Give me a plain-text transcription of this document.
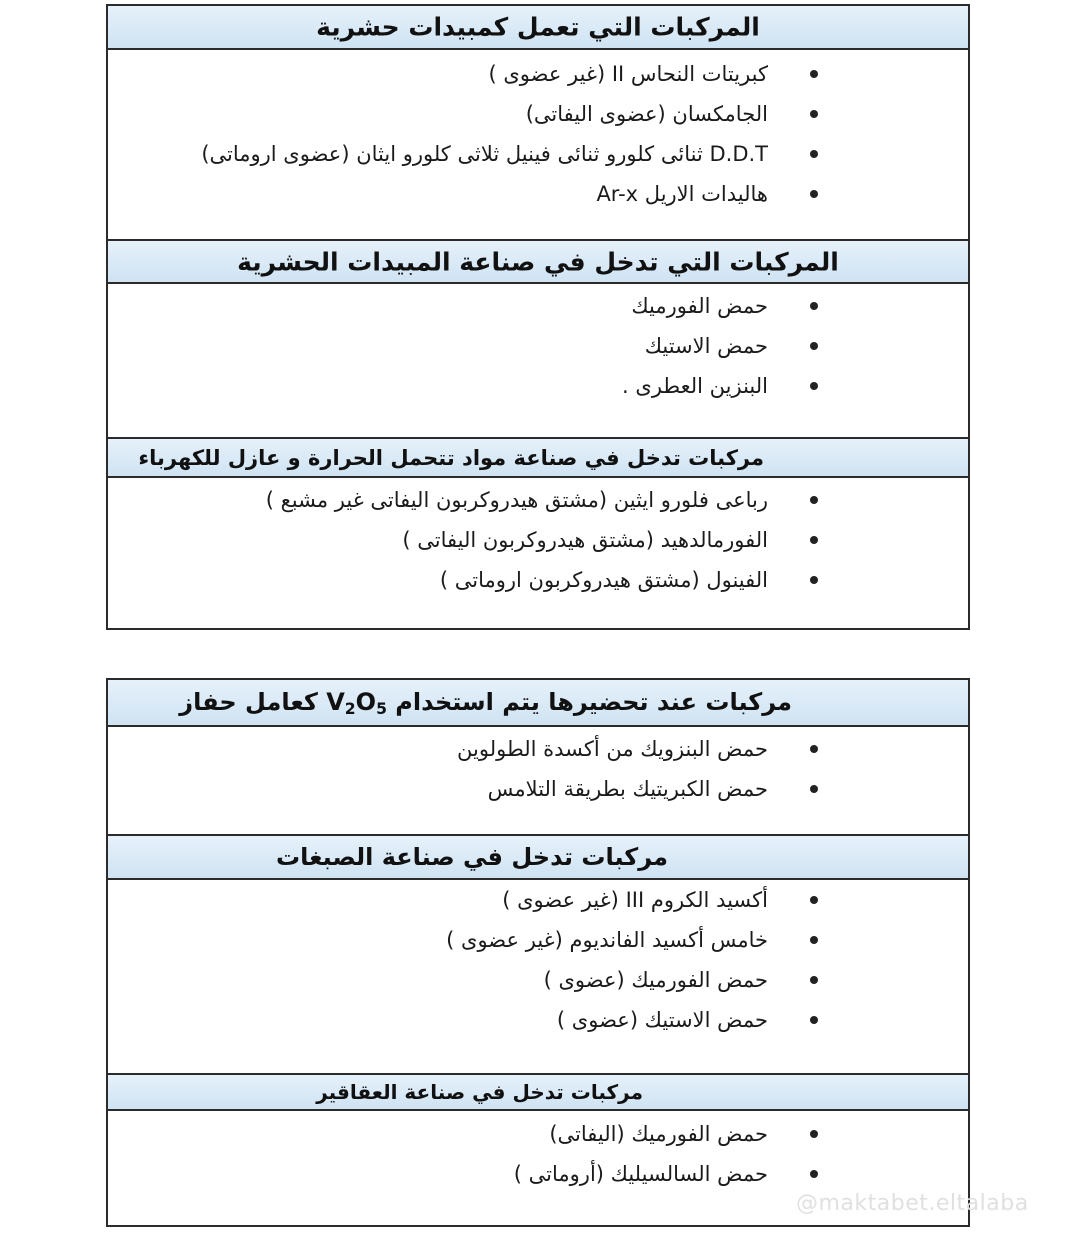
المركبات التي تعمل كمبيدات حشرية
كبريتات النحاس II (غير عضوى )
الجامكسان (عضوى اليفاتى)
D.D.T ثنائى كلورو ثنائى فينيل ثلاثى كلورو ايثان (عضوى اروماتى)
هاليدات الاريل Ar-x
المركبات التي تدخل في صناعة المبيدات الحشرية
حمض الفورميك
حمض الاستيك
البنزين العطرى .
مركبات تدخل في صناعة مواد تتحمل الحرارة و عازل للكهرباء
رباعى فلورو ايثين (مشتق هيدروكربون اليفاتى غير مشبع )
الفورمالدهيد (مشتق هيدروكربون اليفاتى )
الفينول (مشتق هيدروكربون اروماتى )
مركبات عند تحضيرها يتم استخدام $V_2O_5$ كعامل حفاز
حمض البنزويك من أكسدة الطولوين
حمض الكبريتيك بطريقة التلامس
مركبات تدخل في صناعة الصبغات
أكسيد الكروم III (غير عضوى )
خامس أكسيد الفانديوم (غير عضوى )
حمض الفورميك (عضوى )
حمض الاستيك (عضوى )
مركبات تدخل في صناعة العقاقير
حمض الفورميك (اليفاتى)
حمض السالسيليك (أروماتى )
@maktabet.eltalaba
